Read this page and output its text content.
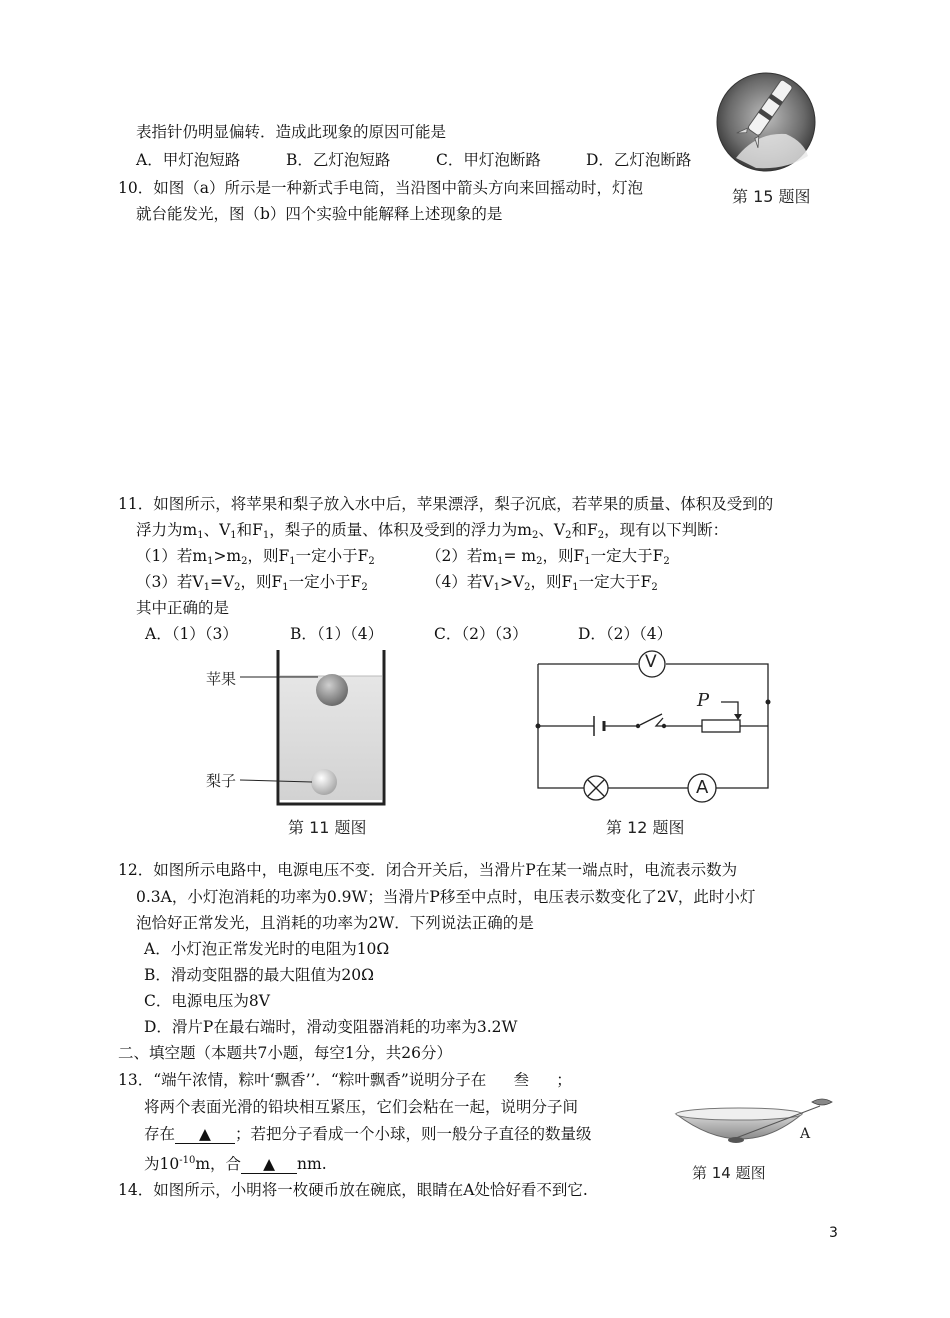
表指针仍明显偏转．造成此现象的原因可能是
A．甲灯泡短路	B．乙灯泡短路	C．甲灯泡断路	D．乙灯泡断路
第 15 题图
10．如图（a）所示是一种新式手电筒，当沿图中箭头方向来回摇动时，灯泡
就台能发光，图（b）四个实验中能解释上述现象的是
11．如图所示，将苹果和梨子放入水中后，苹果漂浮，梨子沉底，若苹果的质量、体积及受到的
浮力为$m_1$、$V_1$和$F_1$，梨子的质量、体积及受到的浮力为$m_2$、$V_2$和$F_2$，现有以下判断：
（1）若$m_1>m_2$，则$F_1$一定小于$F_2$	（2）若$m_1= m_2$，则$F_1$一定大于$F_2$
（3）若$V_1=V_2$，则$F_1$一定小于$F_2$	（4）若$V_1>V_2$，则$F_1$一定大于$F_2$
其中正确的是
A．（1）（3）	B．（1）（4）	C．（2）（3）	D．（2）（4）
苹果
梨子
第 11 题图
V
P
A
第 12 题图
12．如图所示电路中，电源电压不变．闭合开关后，当滑片P在某一端点时，电流表示数为
0.3A，小灯泡消耗的功率为0.9W；当滑片P移至中点时，电压表示数变化了2V，此时小灯
泡恰好正常发光，且消耗的功率为2W．下列说法正确的是
A．小灯泡正常发光时的电阻为10Ω
B．滑动变阻器的最大阻值为20Ω
C．电源电压为8V
D．滑片P在最右端时，滑动变阻器消耗的功率为3.2W
二、填空题（本题共7小题，每空1分，共26分）
13．“端午浓情，粽叶‘飘香’’．“粽叶飘香”说明分子在 叁 ；
将两个表面光滑的铅块相互紧压，它们会粘在一起，说明分子间
存在 ▲ ；若把分子看成一个小球，则一般分子直径的数量级
为$10^{-10}m$，合 ▲ nm.
A
第 14 题图
14．如图所示，小明将一枚硬币放在碗底，眼睛在A处恰好看不到它.
3
